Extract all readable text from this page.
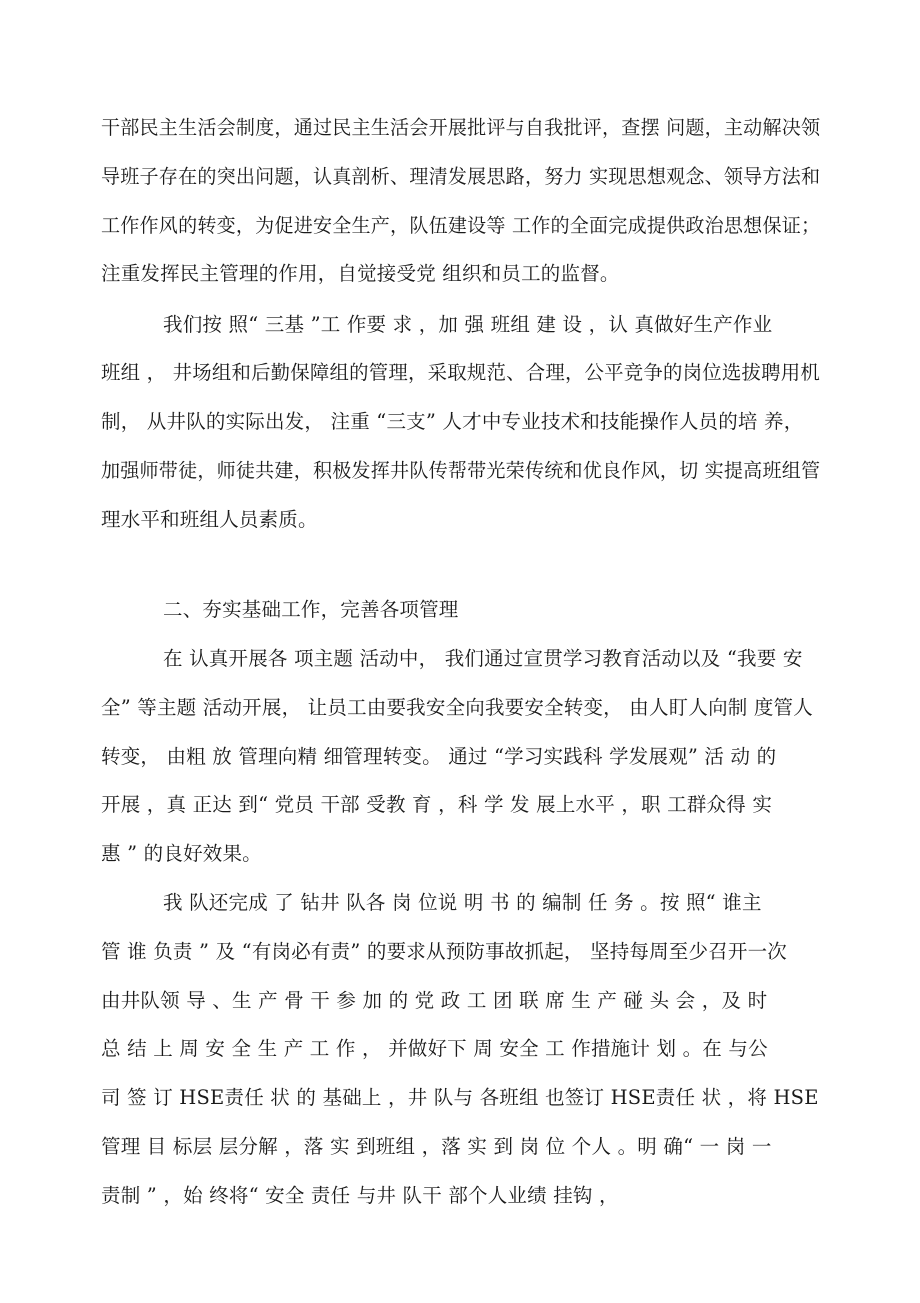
干部民主生活会制度，通过民主生活会开展批评与自我批评，查摆 问题，主动解决领
导班子存在的突出问题，认真剖析、理清发展思路，努力 实现思想观念、领导方法和
工作作风的转变，为促进安全生产，队伍建设等 工作的全面完成提供政治思想保证；
注重发挥民主管理的作用，自觉接受党 组织和员工的监督。
我们按 照“ 三基 ”工 作要 求 ，加 强 班组 建 设 ，认 真做好生产作业
班组 ， 井场组和后勤保障组的管理，采取规范、合理，公平竞争的岗位选拔聘用机
制， 从井队的实际出发， 注重 “三支” 人才中专业技术和技能操作人员的培 养，
加强师带徒，师徒共建，积极发挥井队传帮带光荣传统和优良作风，切 实提高班组管
理水平和班组人员素质。
二、夯实基础工作，完善各项管理
在 认真开展各 项主题 活动中， 我们通过宣贯学习教育活动以及 “我要 安
全” 等主题 活动开展， 让员工由要我安全向我要安全转变， 由人盯人向制 度管人
转变， 由粗 放 管理向精 细管理转变。 通过 “学习实践科 学发展观” 活 动 的
开展 ，真 正达 到“ 党员 干部 受教 育 ，科 学 发 展上水平 ，职 工群众得 实
惠 ” 的良好效果。
我 队还完成 了 钻井 队各 岗 位说 明 书 的 编制 任 务 。按 照“ 谁主
管 谁 负责 ” 及 “有岗必有责” 的要求从预防事故抓起， 坚持每周至少召开一次
由井队领 导 、生 产 骨 干 参 加 的 党 政 工 团 联 席 生 产 碰 头 会 ，及 时
总 结 上 周 安 全 生 产 工 作 ， 并做好下 周 安全 工 作措施计 划 。在 与公
司 签 订 HSE责任 状 的 基础上 ，井 队与 各班组 也签订 HSE责任 状 ，将 HSE
管理 目 标层 层分解 ，落 实 到班组 ，落 实 到 岗 位 个人 。明 确“ 一 岗 一
责制 ” ，始 终将“ 安全 责任 与井 队干 部个人业绩 挂钩 ，
